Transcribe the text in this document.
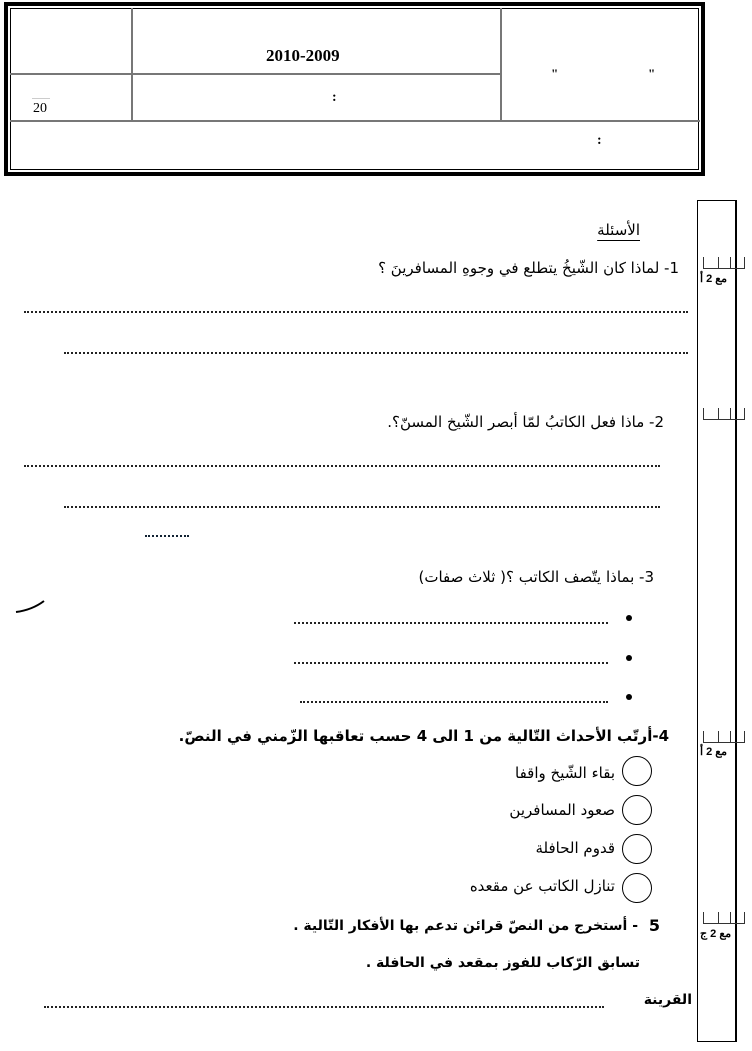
2010-2009
20
:
"	"
:
مع 2 أ
مع 2 أ
مع 2 ج
الأسئلة
1- لماذا كان الشّيخُ يتطلع في وجوهِ المسافرينَ ؟
2- ماذا فعل الكاتبُ لمّا أبصر الشّيخ المسنّ؟.
3- بماذا يتّصف الكاتب ؟( ثلاث صفات)
4-أرتّب الأحداث التّالية من 1 الى 4 حسب تعاقبها الزّمني في النصّ.
بقاء الشّيخ واقفا
صعود المسافرين
قدوم الحافلة
تنازل الكاتب عن مقعده
5
- أستخرج من النصّ قرائن تدعم بها الأفكار التّالية .
تسابق الرّكاب للفوز بمقعد في الحافلة .
القرينة
